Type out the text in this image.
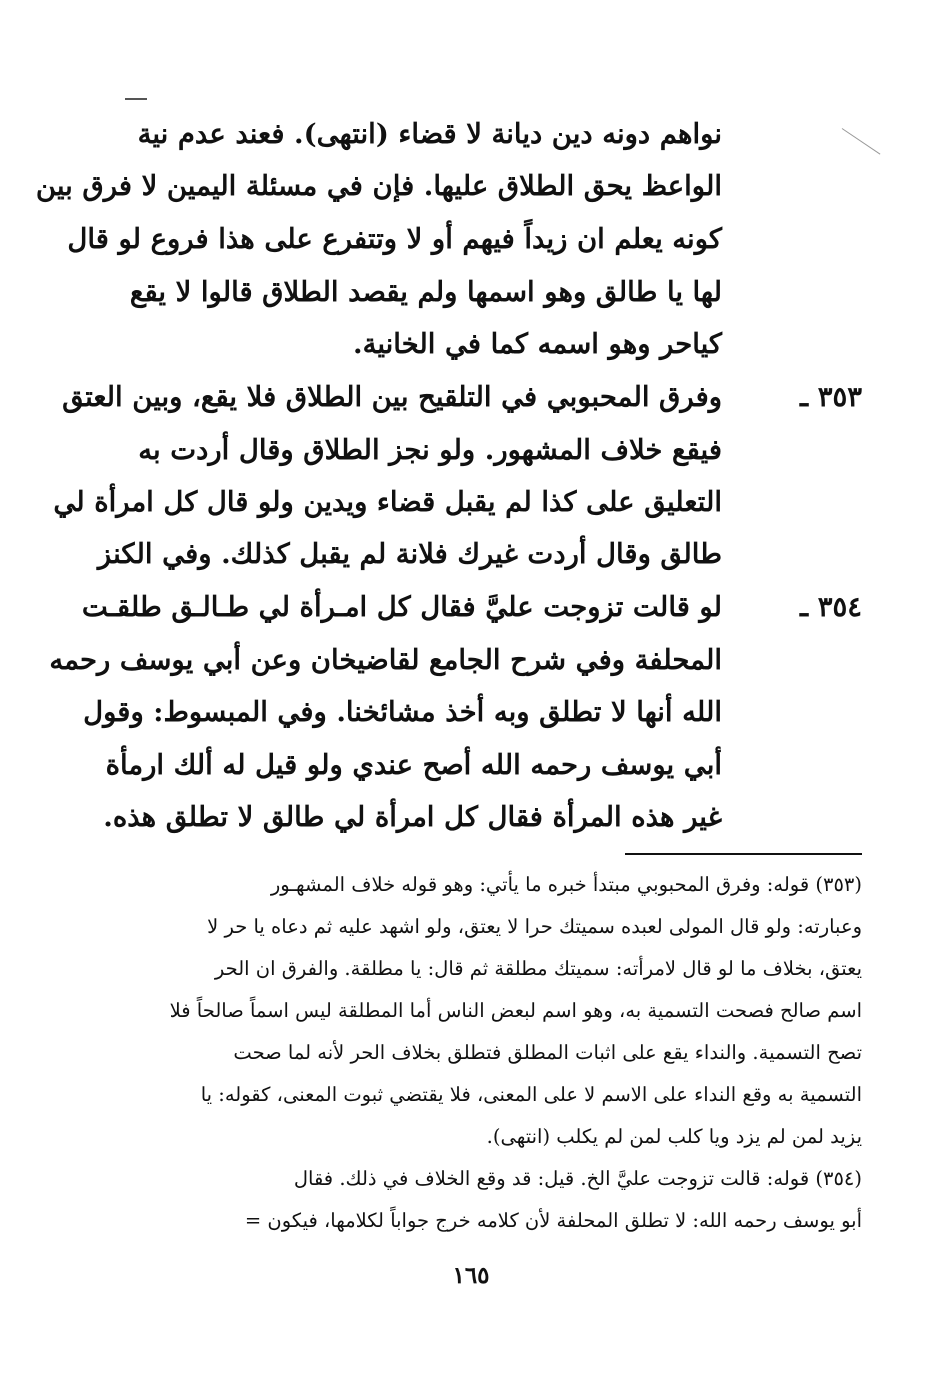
نواهم دونه دين ديانة لا قضاء (انتهى). فعند عدم نية
الواعظ يحق الطلاق عليها. فإن في مسئلة اليمين لا فرق بين
كونه يعلم ان زيداً فيهم أو لا وتتفرع على هذا فروع لو قال
لها يا طالق وهو اسمها ولم يقصد الطلاق قالوا لا يقع
كياحر وهو اسمه كما في الخانية.
٣٥٣ ـ
وفرق المحبوبي في التلقيح بين الطلاق فلا يقع، وبين العتق
فيقع خلاف المشهور. ولو نجز الطلاق وقال أردت به
التعليق على كذا لم يقبل قضاء ويدين ولو قال كل امرأة لي
طالق وقال أردت غيرك فلانة لم يقبل كذلك. وفي الكنز
٣٥٤ ـ
لو قالت تزوجت عليَّ فقال كل امـرأة لي طـالـق طلقـت
المحلفة وفي شرح الجامع لقاضيخان وعن أبي يوسف رحمه
الله أنها لا تطلق وبه أخذ مشائخنا. وفي المبسوط: وقول
أبي يوسف رحمه الله أصح عندي ولو قيل له ألك ارمأة
غير هذه المرأة فقال كل امرأة لي طالق لا تطلق هذه.
(٣٥٣) قوله: وفرق المحبوبي مبتدأ خبره ما يأتي: وهو قوله خلاف المشهـور
وعبارته: ولو قال المولى لعبده سميتك حرا لا يعتق، ولو اشهد عليه ثم دعاه يا حر لا
يعتق، بخلاف ما لو قال لامرأته: سميتك مطلقة ثم قال: يا مطلقة. والفرق ان الحر
اسم صالح فصحت التسمية به، وهو اسم لبعض الناس أما المطلقة ليس اسماً صالحاً فلا
تصح التسمية. والنداء يقع على اثبات المطلق فتطلق بخلاف الحر لأنه لما صحت
التسمية به وقع النداء على الاسم لا على المعنى، فلا يقتضي ثبوت المعنى، كقوله: يا
يزيد لمن لم يزد ويا كلب لمن لم يكلب (انتهى).
(٣٥٤) قوله: قالت تزوجت عليَّ الخ. قيل: قد وقع الخلاف في ذلك. فقال
أبو يوسف رحمه الله: لا تطلق المحلفة لأن كلامه خرج جواباً لكلامها، فيكون =
١٦٥
